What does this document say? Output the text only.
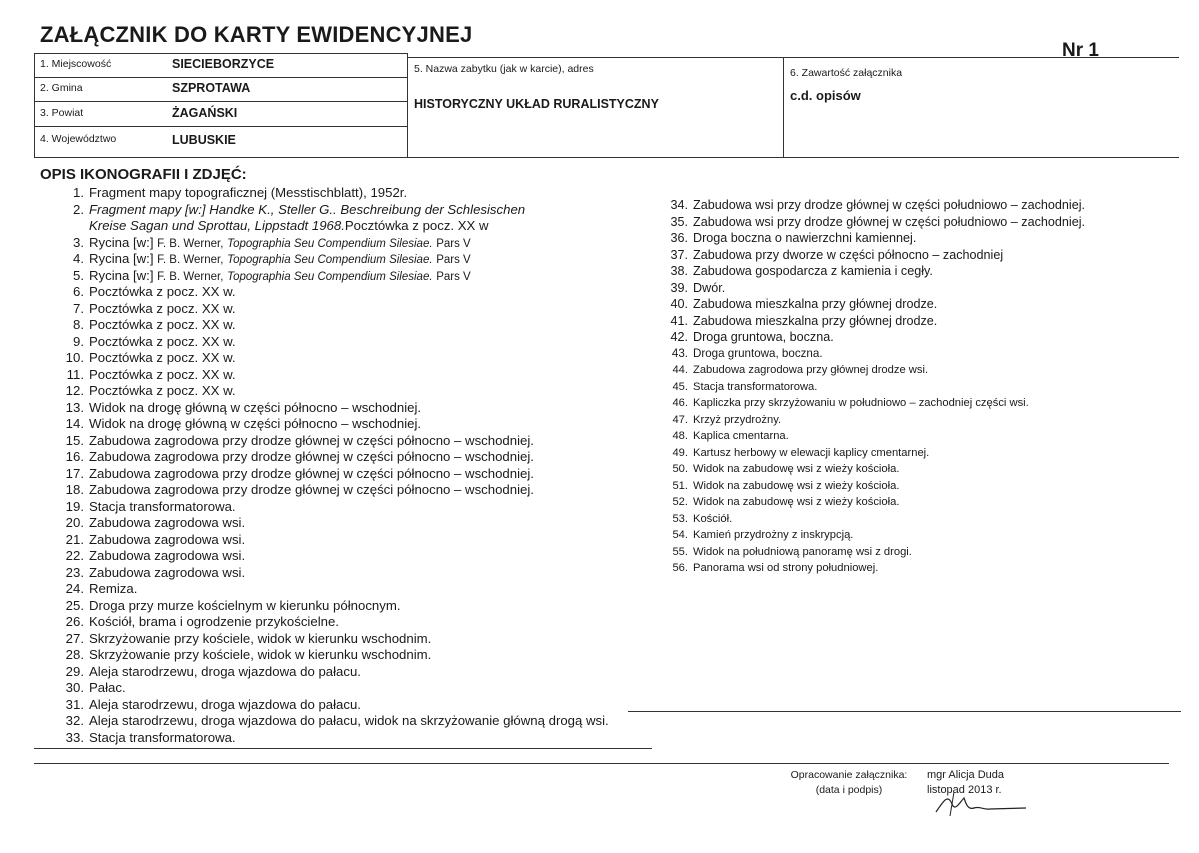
ZAŁĄCZNIK DO KARTY EWIDENCYJNEJ
Nr 1
1. Miejscowość	SIECIEBORZYCE
2. Gmina	SZPROTAWA
3. Powiat	ŻAGAŃSKI
4. Województwo	LUBUSKIE
5. Nazwa zabytku (jak w karcie), adres
HISTORYCZNY UKŁAD RURALISTYCZNY
6. Zawartość załącznika
c.d. opisów
OPIS IKONOGRAFII I ZDJĘĆ:
1. Fragment mapy topograficznej (Messtischblatt), 1952r.
2. Fragment mapy [w:] Handke K., Steller G.. Beschreibung der Schlesischen
Kreise Sagan und Sprottau, Lippstadt 1968.Pocztówka z pocz. XX w
3. Rycina [w:] F. B. Werner, Topographia Seu Compendium Silesiae. Pars V
4. Rycina [w:] F. B. Werner, Topographia Seu Compendium Silesiae. Pars V
5. Rycina [w:] F. B. Werner, Topographia Seu Compendium Silesiae. Pars V
6. Pocztówka z pocz. XX w.
7. Pocztówka z pocz. XX w.
8. Pocztówka z pocz. XX w.
9. Pocztówka z pocz. XX w.
10. Pocztówka z pocz. XX w.
11. Pocztówka z pocz. XX w.
12. Pocztówka z pocz. XX w.
13. Widok na drogę główną w części północno – wschodniej.
14. Widok na drogę główną w części północno – wschodniej.
15. Zabudowa zagrodowa przy drodze głównej w części północno – wschodniej.
16. Zabudowa zagrodowa przy drodze głównej w części północno – wschodniej.
17. Zabudowa zagrodowa przy drodze głównej w części północno – wschodniej.
18. Zabudowa zagrodowa przy drodze głównej w części północno – wschodniej.
19. Stacja transformatorowa.
20. Zabudowa zagrodowa wsi.
21. Zabudowa zagrodowa wsi.
22. Zabudowa zagrodowa wsi.
23. Zabudowa zagrodowa wsi.
24. Remiza.
25. Droga przy murze kościelnym w kierunku północnym.
26. Kościół, brama i ogrodzenie przykościelne.
27. Skrzyżowanie przy kościele, widok w kierunku wschodnim.
28. Skrzyżowanie przy kościele, widok w kierunku wschodnim.
29. Aleja starodrzewu, droga wjazdowa do pałacu.
30. Pałac.
31. Aleja starodrzewu, droga wjazdowa do pałacu.
32. Aleja starodrzewu, droga wjazdowa do pałacu, widok na skrzyżowanie główną drogą wsi.
33. Stacja transformatorowa.
34. Zabudowa wsi przy drodze głównej w części południowo – zachodniej.
35. Zabudowa wsi przy drodze głównej w części południowo – zachodniej.
36. Droga boczna o nawierzchni kamiennej.
37. Zabudowa przy dworze w części północno – zachodniej
38. Zabudowa gospodarcza z kamienia i cegły.
39. Dwór.
40. Zabudowa mieszkalna przy głównej drodze.
41. Zabudowa mieszkalna przy głównej drodze.
42. Droga gruntowa, boczna.
43. Droga gruntowa, boczna.
44. Zabudowa zagrodowa przy głównej drodze wsi.
45. Stacja transformatorowa.
46. Kapliczka przy skrzyżowaniu w południowo – zachodniej części wsi.
47. Krzyż przydrożny.
48. Kaplica cmentarna.
49. Kartusz herbowy w elewacji kaplicy cmentarnej.
50. Widok na zabudowę wsi z wieży kościoła.
51. Widok na zabudowę wsi z wieży kościoła.
52. Widok na zabudowę wsi z wieży kościoła.
53. Kościół.
54. Kamień przydrożny z inskrypcją.
55. Widok na południową panoramę wsi z drogi.
56. Panorama wsi od strony południowej.
Opracowanie załącznika:
(data i podpis)
mgr Alicja Duda
listopad 2013 r.
